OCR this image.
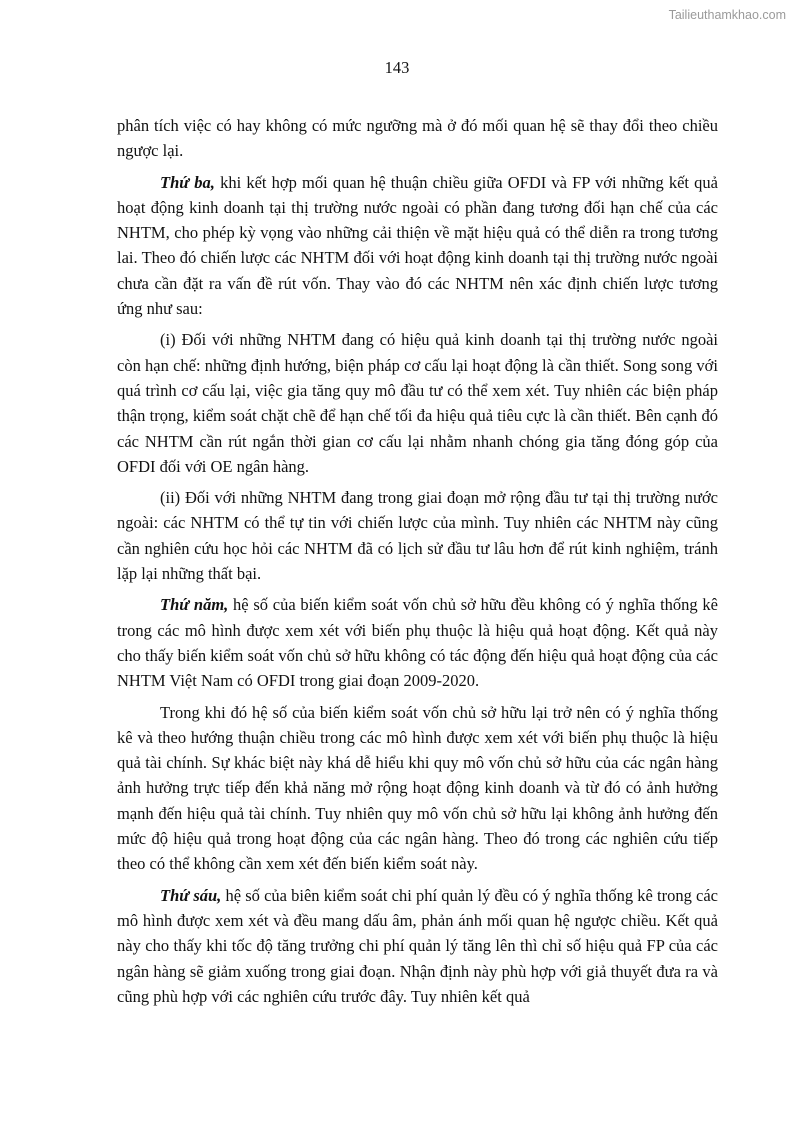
Tailieuthamkhao.com
143

phân tích việc có hay không có mức ngưỡng mà ở đó mối quan hệ sẽ thay đổi theo chiều ngược lại.

Thứ ba, khi kết hợp mối quan hệ thuận chiều giữa OFDI và FP với những kết quả hoạt động kinh doanh tại thị trường nước ngoài có phần đang tương đối hạn chế của các NHTM, cho phép kỳ vọng vào những cải thiện về mặt hiệu quả có thể diễn ra trong tương lai. Theo đó chiến lược các NHTM đối với hoạt động kinh doanh tại thị trường nước ngoài chưa cần đặt ra vấn đề rút vốn. Thay vào đó các NHTM nên xác định chiến lược tương ứng như sau:

(i) Đối với những NHTM đang có hiệu quả kinh doanh tại thị trường nước ngoài còn hạn chế: những định hướng, biện pháp cơ cấu lại hoạt động là cần thiết. Song song với quá trình cơ cấu lại, việc gia tăng quy mô đầu tư có thể xem xét. Tuy nhiên các biện pháp thận trọng, kiểm soát chặt chẽ để hạn chế tối đa hiệu quả tiêu cực là cần thiết. Bên cạnh đó các NHTM cần rút ngắn thời gian cơ cấu lại nhằm nhanh chóng gia tăng đóng góp của OFDI đối với OE ngân hàng.

(ii) Đối với những NHTM đang trong giai đoạn mở rộng đầu tư tại thị trường nước ngoài: các NHTM có thể tự tin với chiến lược của mình. Tuy nhiên các NHTM này cũng cần nghiên cứu học hỏi các NHTM đã có lịch sử đầu tư lâu hơn để rút kinh nghiệm, tránh lặp lại những thất bại.

Thứ năm, hệ số của biến kiểm soát vốn chủ sở hữu đều không có ý nghĩa thống kê trong các mô hình được xem xét với biến phụ thuộc là hiệu quả hoạt động. Kết quả này cho thấy biến kiểm soát vốn chủ sở hữu không có tác động đến hiệu quả hoạt động của các NHTM Việt Nam có OFDI trong giai đoạn 2009-2020.

Trong khi đó hệ số của biến kiểm soát vốn chủ sở hữu lại trở nên có ý nghĩa thống kê và theo hướng thuận chiều trong các mô hình được xem xét với biến phụ thuộc là hiệu quả tài chính. Sự khác biệt này khá dễ hiểu khi quy mô vốn chủ sở hữu của các ngân hàng ảnh hưởng trực tiếp đến khả năng mở rộng hoạt động kinh doanh và từ đó có ảnh hưởng mạnh đến hiệu quả tài chính. Tuy nhiên quy mô vốn chủ sở hữu lại không ảnh hưởng đến mức độ hiệu quả trong hoạt động của các ngân hàng. Theo đó trong các nghiên cứu tiếp theo có thể không cần xem xét đến biến kiểm soát này.

Thứ sáu, hệ số của biên kiểm soát chi phí quản lý đều có ý nghĩa thống kê trong các mô hình được xem xét và đều mang dấu âm, phản ánh mối quan hệ ngược chiều. Kết quả này cho thấy khi tốc độ tăng trưởng chi phí quản lý tăng lên thì chỉ số hiệu quả FP của các ngân hàng sẽ giảm xuống trong giai đoạn. Nhận định này phù hợp với giả thuyết đưa ra và cũng phù hợp với các nghiên cứu trước đây. Tuy nhiên kết quả
